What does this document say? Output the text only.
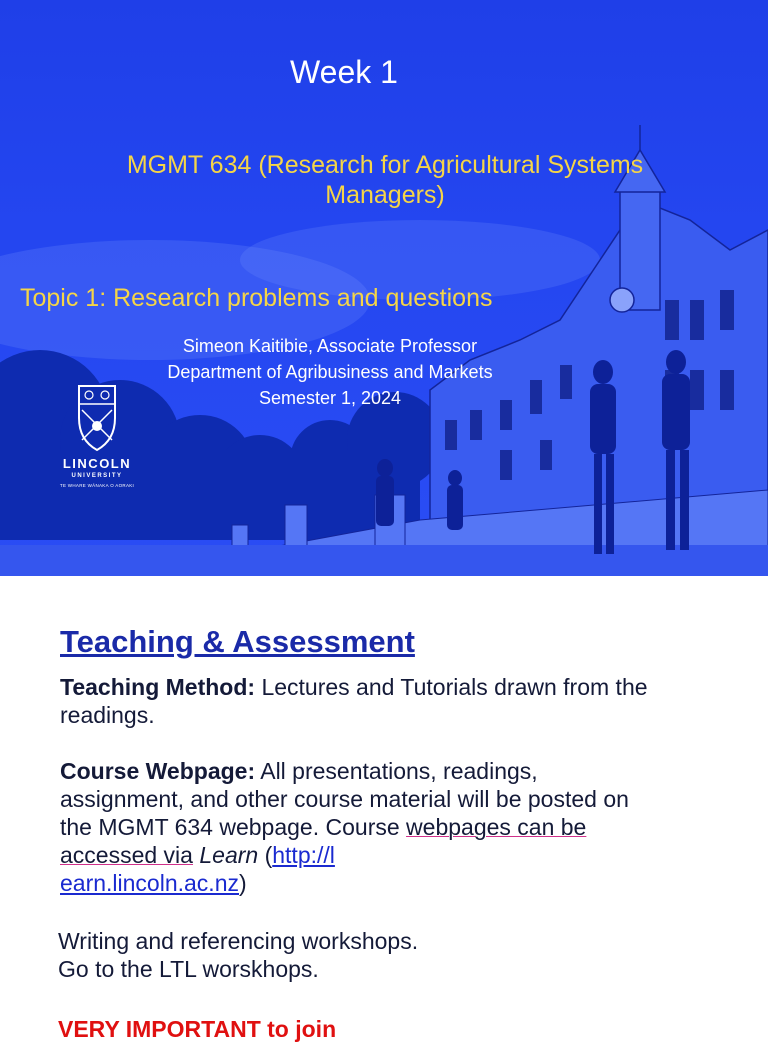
Week 1
MGMT 634 (Research for Agricultural Systems
Managers)
Topic 1: Research problems and questions
Simeon Kaitibie, Associate Professor
Department of Agribusiness and Markets
Semester 1, 2024
LINCOLN
UNIVERSITY
TE WHARE WĀNAKA O AORAKI
Teaching & Assessment
Teaching Method: Lectures and Tutorials drawn from the readings.
Course Webpage: All presentations, readings, assignment, and other course material will be posted on the MGMT 634 webpage. Course webpages can be accessed via Learn (http://l
earn.lincoln.ac.nz)
Writing and referencing workshops.
Go to the LTL worskhops.
VERY IMPORTANT to join
